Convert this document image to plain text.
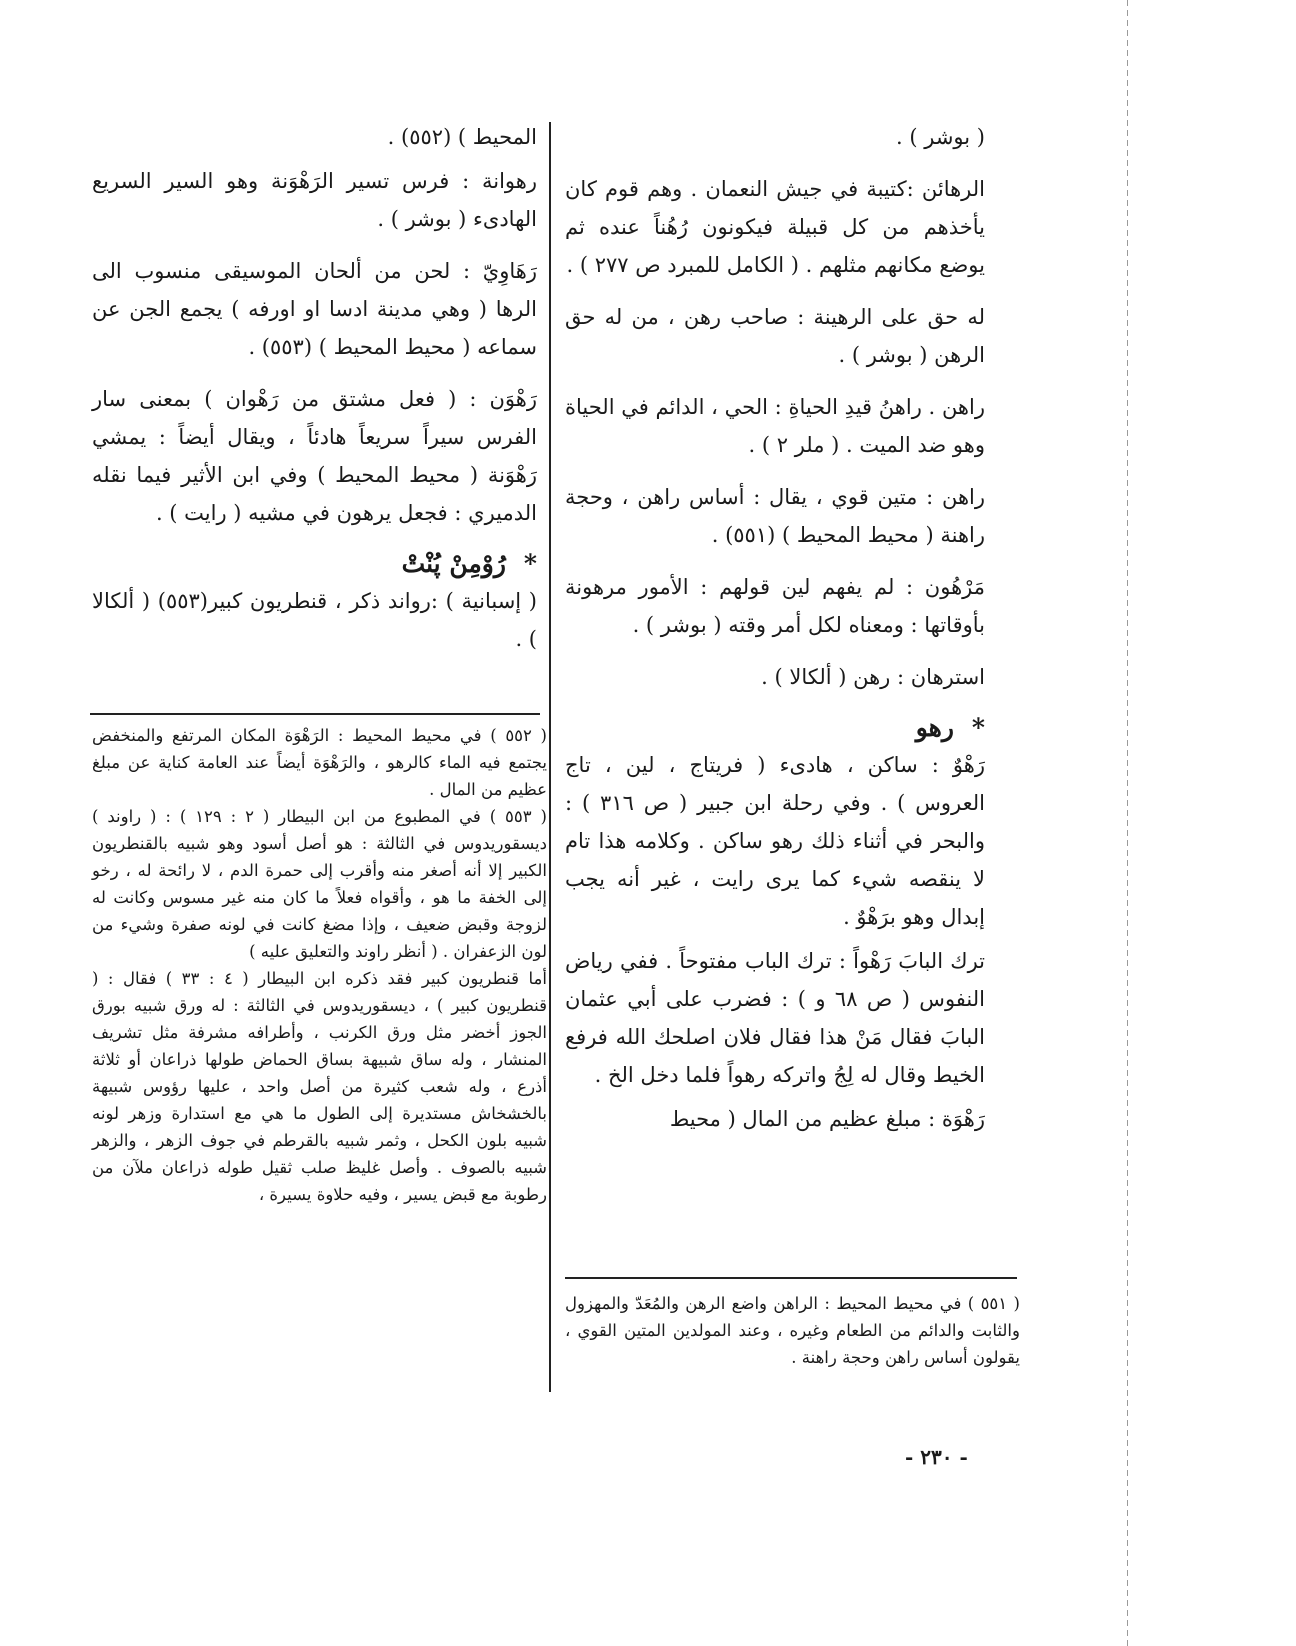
( بوشر ) .

الرهائن :كتيبة في جيش النعمان . وهم قوم كان يأخذهم من كل قبيلة فيكونون رُهُناً عنده ثم يوضع مكانهم مثلهم . ( الكامل للمبرد ص ٢٧٧ ) .

له حق على الرهينة : صاحب رهن ، من له حق الرهن ( بوشر ) .

راهن . راهنُ قيدِ الحياةِ : الحي ، الدائم في الحياة وهو ضد الميت . ( ملر ٢ ) .

راهن : متين قوي ، يقال : أساس راهن ، وحجة راهنة ( محيط المحيط ) (٥٥١) .

مَرْهُون : لم يفهم لين قولهم : الأمور مرهونة بأوقاتها : ومعناه لكل أمر وقته ( بوشر ) .

استرهان : رهن ( ألكالا ) .

*رهو

رَهْوٌ : ساكن ، هادىء ( فريتاج ، لين ، تاج العروس ) . وفي رحلة ابن جبير ( ص ٣١٦ ) : والبحر في أثناء ذلك رهو ساكن . وكلامه هذا تام لا ينقصه شيء كما يرى رايت ، غير أنه يجب إبدال وهو برَهْوٌ .

ترك البابَ رَهْواً : ترك الباب مفتوحاً . ففي رياض النفوس ( ص ٦٨ و ) : فضرب على أبي عثمان البابَ فقال مَنْ هذا فقال فلان اصلحك الله فرفع الخيط وقال له لِجُ واتركه رهواً فلما دخل الخ .

رَهْوَة : مبلغ عظيم من المال ( محيط

المحيط ) (٥٥٢) .

رهوانة : فرس تسير الرَهْوَنة وهو السير السريع الهادىء ( بوشر ) .

رَهَاوِيّ : لحن من ألحان الموسيقى منسوب الى الرها ( وهي مدينة ادسا او اورفه ) يجمع الجن عن سماعه ( محيط المحيط ) (٥٥٣) .

رَهْوَن : ( فعل مشتق من رَهْوان ) بمعنى سار الفرس سيراً سريعاً هادئاً ، ويقال أيضاً : يمشي رَهْوَنة ( محيط المحيط ) وفي ابن الأثير فيما نقله الدميري : فجعل يرهون في مشيه ( رايت ) .

*رُوْمِنْ پُنْتْ

( إسبانية ) :رواند ذكر ، قنطريون كبير(٥٥٣) ( ألكالا ) .

( ٥٥٢ ) في محيط المحيط : الرَهْوَة المكان المرتفع والمنخفض يجتمع فيه الماء كالرهو ، والرَهْوَة أيضاً عند العامة كناية عن مبلغ عظيم من المال .

( ٥٥٣ ) في المطبوع من ابن البيطار ( ٢ : ١٢٩ ) : ( راوند ) ديسقوريدوس في الثالثة : هو أصل أسود وهو شبيه بالقنطريون الكبير إلا أنه أصغر منه وأقرب إلى حمرة الدم ، لا رائحة له ، رخو إلى الخفة ما هو ، وأقواه فعلاً ما كان منه غير مسوس وكانت له لزوجة وقبض ضعيف ، وإذا مضغ كانت في لونه صفرة وشيء من لون الزعفران . ( أنظر راوند والتعليق عليه )

أما قنطريون كبير فقد ذكره ابن البيطار ( ٤ : ٣٣ ) فقال : ( قنطريون كبير ) ، ديسقوريدوس في الثالثة : له ورق شبيه بورق الجوز أخضر مثل ورق الكرنب ، وأطرافه مشرفة مثل تشريف المنشار ، وله ساق شبيهة بساق الحماض طولها ذراعان أو ثلاثة أذرع ، وله شعب كثيرة من أصل واحد ، عليها رؤوس شبيهة بالخشخاش مستديرة إلى الطول ما هي مع استدارة وزهر لونه شبيه بلون الكحل ، وثمر شبيه بالقرطم في جوف الزهر ، والزهر شبيه بالصوف . وأصل غليظ صلب ثقيل طوله ذراعان ملآن من رطوبة مع قبض يسير ، وفيه حلاوة يسيرة ،

( ٥٥١ ) في محيط المحيط : الراهن واضع الرهن والمُعَدّ والمهزول والثابت والدائم من الطعام وغيره ، وعند المولدين المتين القوي ، يقولون أساس راهن وحجة راهنة .

- ٢٣٠ -
